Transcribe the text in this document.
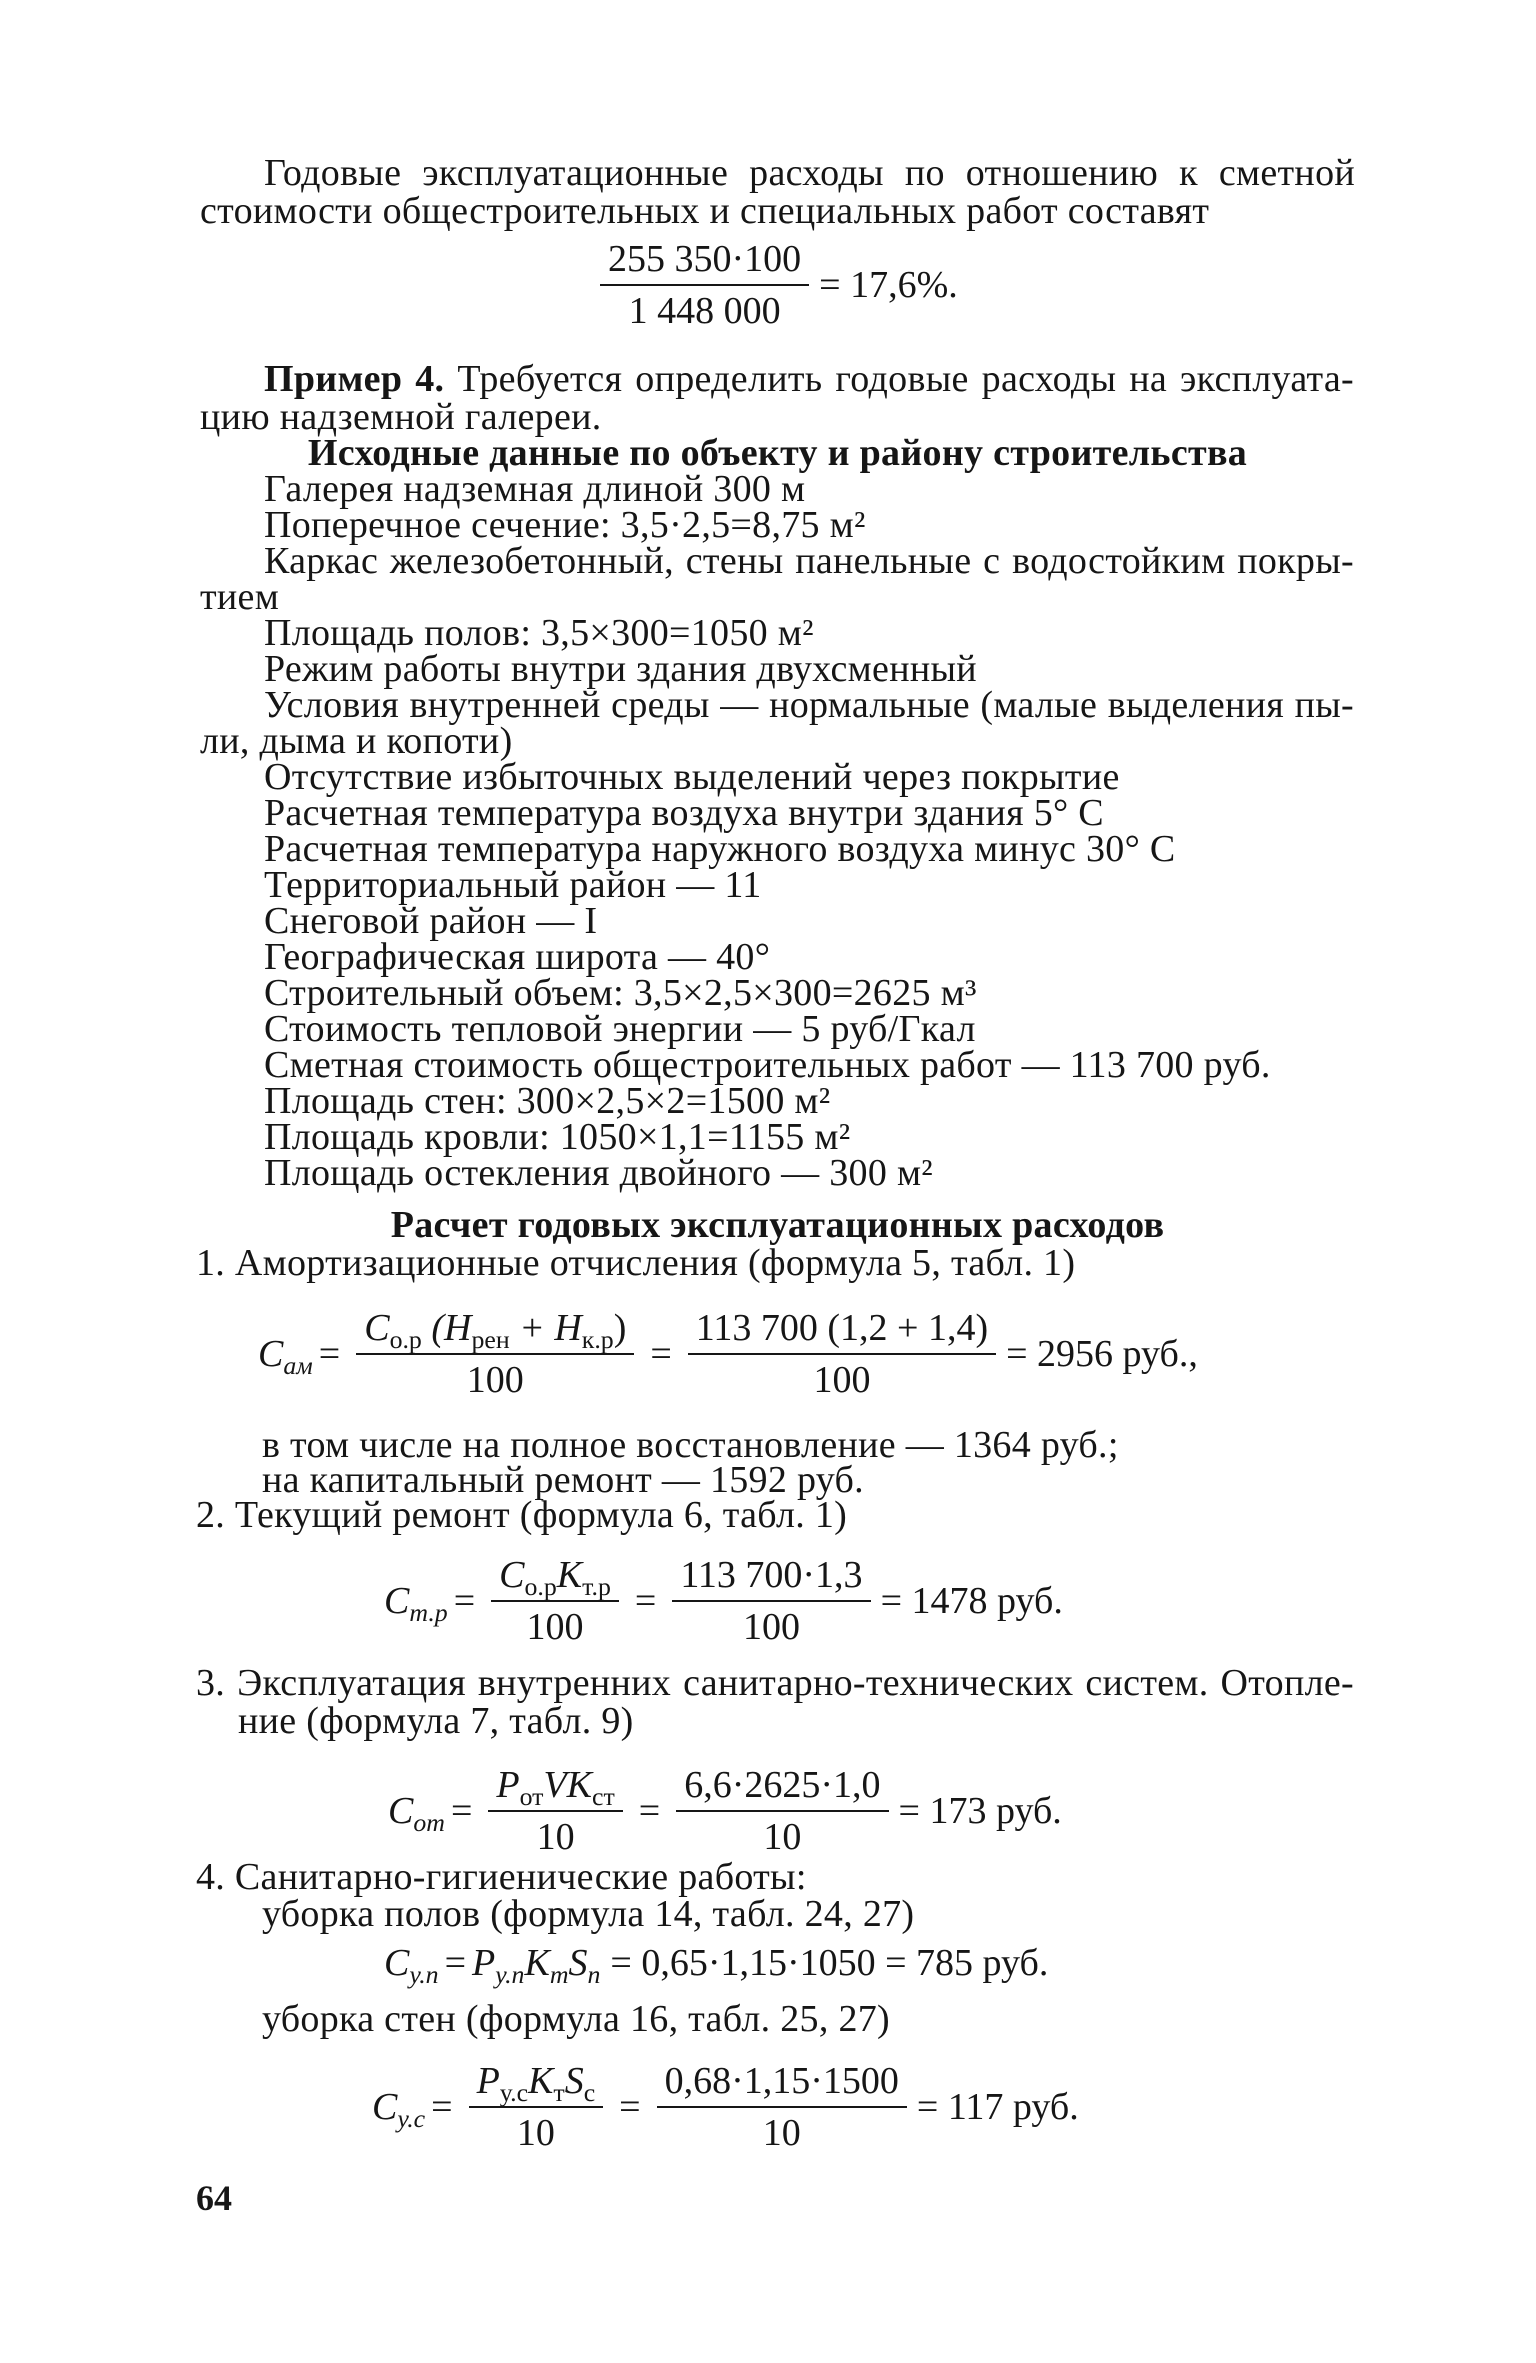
Годовые эксплуатационные расходы по отношению к сметной
стоимости общестроительных и специальных работ составят
$\frac{255 350\cdot 100}{1 448 000} = 17,6\%$.
Пример 4. Требуется определить годовые расходы на эксплуата-
цию надземной галереи.
Исходные данные по объекту и району строительства
Галерея надземная длиной 300 м
Поперечное сечение: 3,5·2,5=8,75 м²
Каркас железобетонный, стены панельные с водостойким покры-
тием
Площадь полов: 3,5×300=1050 м²
Режим работы внутри здания двухсменный
Условия внутренней среды — нормальные (малые выделения пы-
ли, дыма и копоти)
Отсутствие избыточных выделений через покрытие
Расчетная температура воздуха внутри здания 5° С
Расчетная температура наружного воздуха минус 30° С
Территориальный район — 11
Снеговой район — I
Географическая широта — 40°
Строительный объем: 3,5×2,5×300=2625 м³
Стоимость тепловой энергии — 5 руб/Гкал
Сметная стоимость общестроительных работ — 113 700 руб.
Площадь стен: 300×2,5×2=1500 м²
Площадь кровли: 1050×1,1=1155 м²
Площадь остекления двойного — 300 м²
Расчет годовых эксплуатационных расходов
1. Амортизационные отчисления (формула 5, табл. 1)
$C_{ам} = \frac{C_{о.р} (H_{рен} + H_{к.р})}{100} = \frac{113 700 (1,2 + 1,4)}{100} = 2956$ руб.,
в том числе на полное восстановление — 1364 руб.;
на капитальный ремонт — 1592 руб.
2. Текущий ремонт (формула 6, табл. 1)
$C_{т.р} = \frac{C_{о.р}K_{т.р}}{100} = \frac{113 700\cdot 1,3}{100} = 1478$ руб.
3. Эксплуатация внутренних санитарно-технических систем. Отопле-
ние (формула 7, табл. 9)
$C_{от} = \frac{P_{от}VK_{ст}}{10} = \frac{6,6\cdot 2625\cdot 1,0}{10} = 173$ руб.
4. Санитарно-гигиенические работы:
уборка полов (формула 14, табл. 24, 27)
$C_{у.п} = P_{у.п}K_тS_п = 0,65\cdot 1,15\cdot 1050 = 785$ руб.
уборка стен (формула 16, табл. 25, 27)
$C_{у.с} = \frac{P_{у.с}K_тS_с}{10} = \frac{0,68\cdot 1,15\cdot 1500}{10} = 117$ руб.
64
